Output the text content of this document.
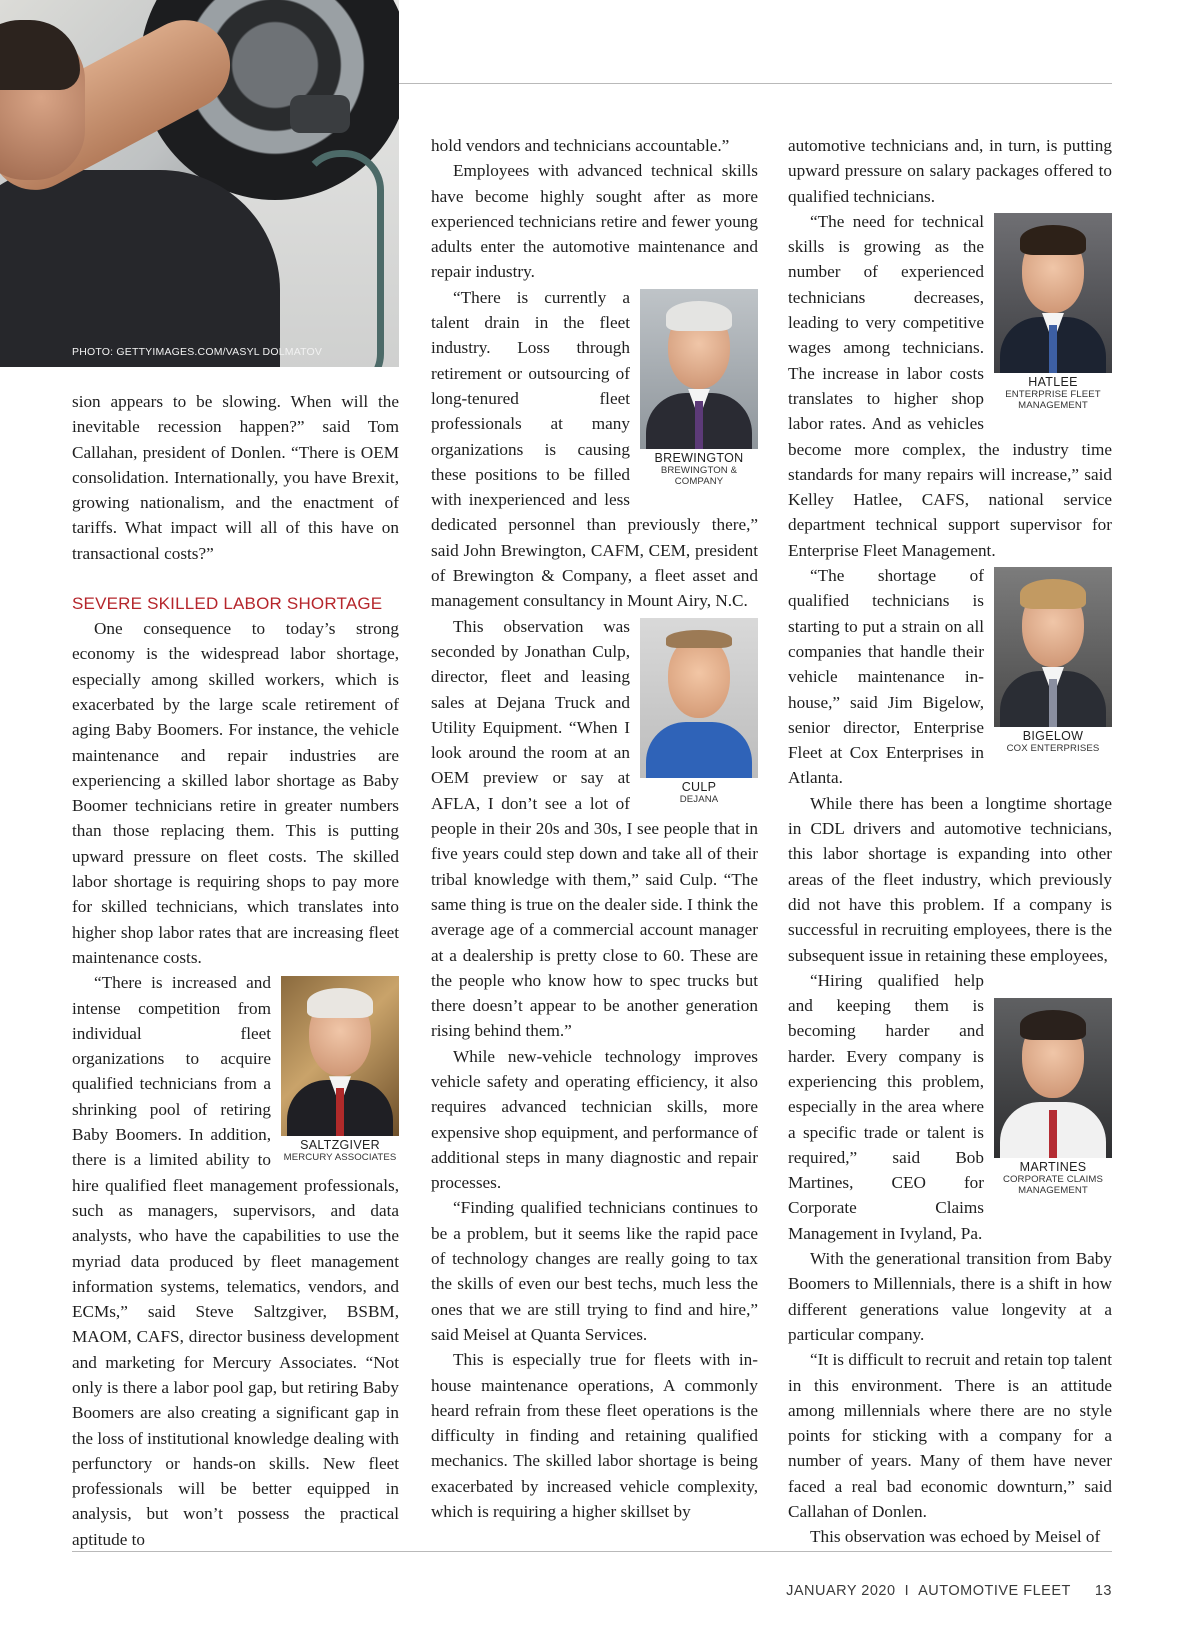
PHOTO: GETTYIMAGES.COM/VASYL DOLMATOV

sion appears to be slowing. When will the inevitable recession happen?” said Tom Callahan, president of Donlen. “There is OEM consolidation. Internationally, you have Brexit, growing nationalism, and the enactment of tariffs. What impact will all of this have on transactional costs?”

SEVERE SKILLED LABOR SHORTAGE

One consequence to today’s strong economy is the widespread labor shortage, especially among skilled workers, which is exacerbated by the large scale retirement of aging Baby Boomers. For instance, the vehicle maintenance and repair industries are experiencing a skilled labor shortage as Baby Boomer technicians retire in greater numbers than those replacing them. This is putting upward pressure on fleet costs. The skilled labor shortage is requiring shops to pay more for skilled technicians, which translates into higher shop labor rates that are increasing fleet maintenance costs.

SALTZGIVER
MERCURY ASSOCIATES

“There is increased and intense competition from individual fleet organizations to acquire qualified technicians from a shrinking pool of retiring Baby Boomers. In addition, there is a limited ability to hire qualified fleet management professionals, such as managers, supervisors, and data analysts, who have the capabilities to use the myriad data produced by fleet management information systems, telematics, vendors, and ECMs,” said Steve Saltzgiver, BSBM, MAOM, CAFS, director business development and marketing for Mercury Associates. “Not only is there a labor pool gap, but retiring Baby Boomers are also creating a significant gap in the loss of institutional knowledge dealing with perfunctory or hands-on skills. New fleet professionals will be better equipped in analysis, but won’t possess the practical aptitude to

hold vendors and technicians accountable.”

Employees with advanced technical skills have become highly sought after as more experienced technicians retire and fewer young adults enter the automotive maintenance and repair industry.

BREWINGTON
BREWINGTON & COMPANY

“There is currently a talent drain in the fleet industry. Loss through retirement or outsourcing of long-tenured fleet professionals at many organizations is causing these positions to be filled with inexperienced and less dedicated personnel than previously there,” said John Brewington, CAFM, CEM, president of Brewington & Company, a fleet asset and management consultancy in Mount Airy, N.C.

CULP
DEJANA

This observation was seconded by Jonathan Culp, director, fleet and leasing sales at Dejana Truck and Utility Equipment. “When I look around the room at an OEM preview or say at AFLA, I don’t see a lot of people in their 20s and 30s, I see people that in five years could step down and take all of their tribal knowledge with them,” said Culp. “The same thing is true on the dealer side. I think the average age of a commercial account manager at a dealership is pretty close to 60. These are the people who know how to spec trucks but there doesn’t appear to be another generation rising behind them.”

While new-vehicle technology improves vehicle safety and operating efficiency, it also requires advanced technician skills, more expensive shop equipment, and performance of additional steps in many diagnostic and repair processes.

“Finding qualified technicians continues to be a problem, but it seems like the rapid pace of technology changes are really going to tax the skills of even our best techs, much less the ones that we are still trying to find and hire,” said Meisel at Quanta Services.

This is especially true for fleets with in-house maintenance operations, A commonly heard refrain from these fleet operations is the difficulty in finding and retaining qualified mechanics. The skilled labor shortage is being exacerbated by increased vehicle complexity, which is requiring a higher skillset by

automotive technicians and, in turn, is putting upward pressure on salary packages offered to qualified technicians.

HATLEE
ENTERPRISE FLEET MANAGEMENT

“The need for technical skills is growing as the number of experienced technicians decreases, leading to very competitive wages among technicians. The increase in labor costs translates to higher shop labor rates. And as vehicles become more complex, the industry time standards for many repairs will increase,” said Kelley Hatlee, CAFS, national service department technical support supervisor for Enterprise Fleet Management.

BIGELOW
COX ENTERPRISES

“The shortage of qualified technicians is starting to put a strain on all companies that handle their vehicle maintenance in-house,” said Jim Bigelow, senior director, Enterprise Fleet at Cox Enterprises in Atlanta.

While there has been a longtime shortage in CDL drivers and automotive technicians, this labor shortage is expanding into other areas of the fleet industry, which previously did not have this problem. If a company is successful in recruiting employees, there is the subsequent issue in retaining these employees,

MARTINES
CORPORATE CLAIMS MANAGEMENT

“Hiring qualified help and keeping them is becoming harder and harder. Every company is experiencing this problem, especially in the area where a specific trade or talent is required,” said Bob Martines, CEO for Corporate Claims Management in Ivyland, Pa.

With the generational transition from Baby Boomers to Millennials, there is a shift in how different generations value longevity at a particular company.

“It is difficult to recruit and retain top talent in this environment. There is an attitude among millennials where there are no style points for sticking with a company for a number of years. Many of them have never faced a real bad economic downturn,” said Callahan of Donlen.

This observation was echoed by Meisel of

JANUARY 2020 I AUTOMOTIVE FLEET 13
